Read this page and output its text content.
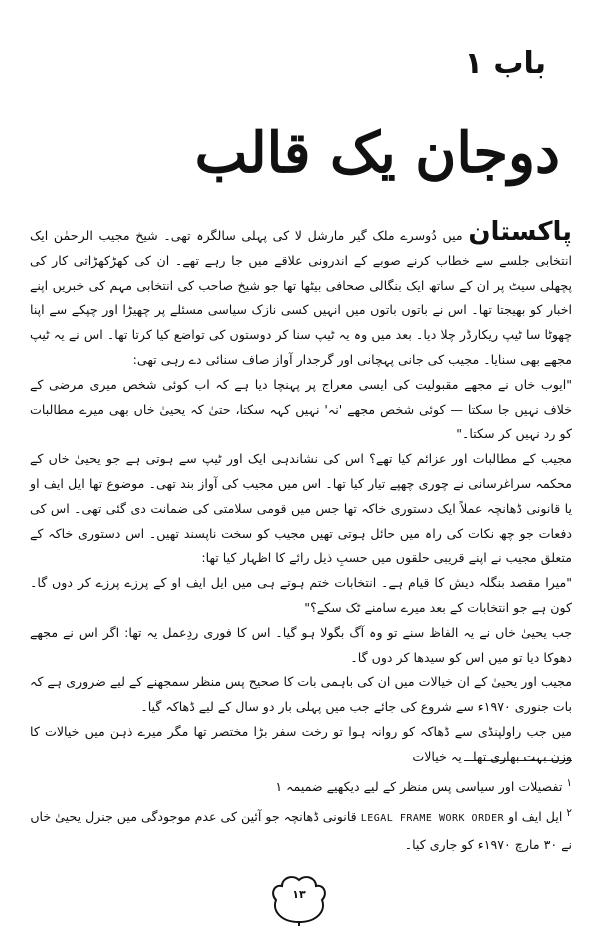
باب ۱
دوجان یک قالب

پاکستان میں دُوسرے ملک گیر مارشل لا کی پہلی سالگرہ تھی۔ شیخ مجیب الرحمٰن ایک انتخابی جلسے سے خطاب کرنے صوبے کے اندرونی علاقے میں جا رہے تھے۔ ان کی کھڑکھڑاتی کار کی پچھلی سیٹ پر ان کے ساتھ ایک بنگالی صحافی بیٹھا تھا جو شیخ صاحب کی انتخابی مہم کی خبریں اپنے اخبار کو بھیجتا تھا۔ اس نے باتوں باتوں میں انہیں کسی نازک سیاسی مسئلے پر چھیڑا اور چپکے سے اپنا چھوٹا سا ٹیپ ریکارڈر چلا دیا۔ بعد میں وہ یہ ٹیپ سنا کر دوستوں کی تواضع کیا کرتا تھا۔ اس نے یہ ٹیپ مجھے بھی سنایا۔ مجیب کی جانی پہچانی اور گرجدار آواز صاف سنائی دے رہی تھی:

"ایوب خاں نے مجھے مقبولیت کی ایسی معراج پر پہنچا دیا ہے کہ اب کوئی شخص میری مرضی کے خلاف نہیں جا سکتا — کوئی شخص مجھے 'نہ' نہیں کہہ سکتا، حتیٰ کہ یحییٰ خاں بھی میرے مطالبات کو رد نہیں کر سکتا۔"

مجیب کے مطالبات اور عزائم کیا تھے؟ اس کی نشاندہی ایک اور ٹیپ سے ہوتی ہے جو یحییٰ خاں کے محکمہ سراغرسانی نے چوری چھپے تیار کیا تھا۔ اس میں مجیب کی آواز بند تھی۔ موضوع تھا ایل ایف او یا قانونی ڈھانچہ عملاً ایک دستوری خاکہ تھا جس میں قومی سلامتی کی ضمانت دی گئی تھی۔ اس کی دفعات جو چھ نکات کی راہ میں حائل ہوتی تھیں مجیب کو سخت ناپسند تھیں۔ اس دستوری خاکہ کے متعلق مجیب نے اپنے قریبی حلقوں میں حسبِ ذیل رائے کا اظہار کیا تھا:

"میرا مقصد بنگلہ دیش کا قیام ہے۔ انتخابات ختم ہوتے ہی میں ایل ایف او کے پرزے پرزے کر دوں گا۔ کون ہے جو انتخابات کے بعد میرے سامنے ٹک سکے؟"

جب یحییٰ خاں نے یہ الفاظ سنے تو وہ آگ بگولا ہو گیا۔ اس کا فوری ردِعمل یہ تھا: اگر اس نے مجھے دھوکا دیا تو میں اس کو سیدھا کر دوں گا۔

مجیب اور یحییٰ کے ان خیالات میں ان کی باہمی بات کا صحیح پس منظر سمجھنے کے لیے ضروری ہے کہ بات جنوری ۱۹۷۰ء سے شروع کی جائے جب میں پہلی بار دو سال کے لیے ڈھاکہ گیا۔

میں جب راولپنڈی سے ڈھاکہ کو روانہ ہوا تو رخت سفر بڑا مختصر تھا مگر میرے ذہن میں خیالات کا وزن بہت بھاری تھا۔ یہ خیالات

$^۱$ تفصیلات اور سیاسی پس منظر کے لیے دیکھیے ضمیمہ ۱

$^۲$ ایل ایف او LEGAL FRAME WORK ORDER قانونی ڈھانچہ جو آئین کی عدم موجودگی میں جنرل یحییٰ خاں نے ۳۰ مارچ ۱۹۷۰ء کو جاری کیا۔

۱۳
